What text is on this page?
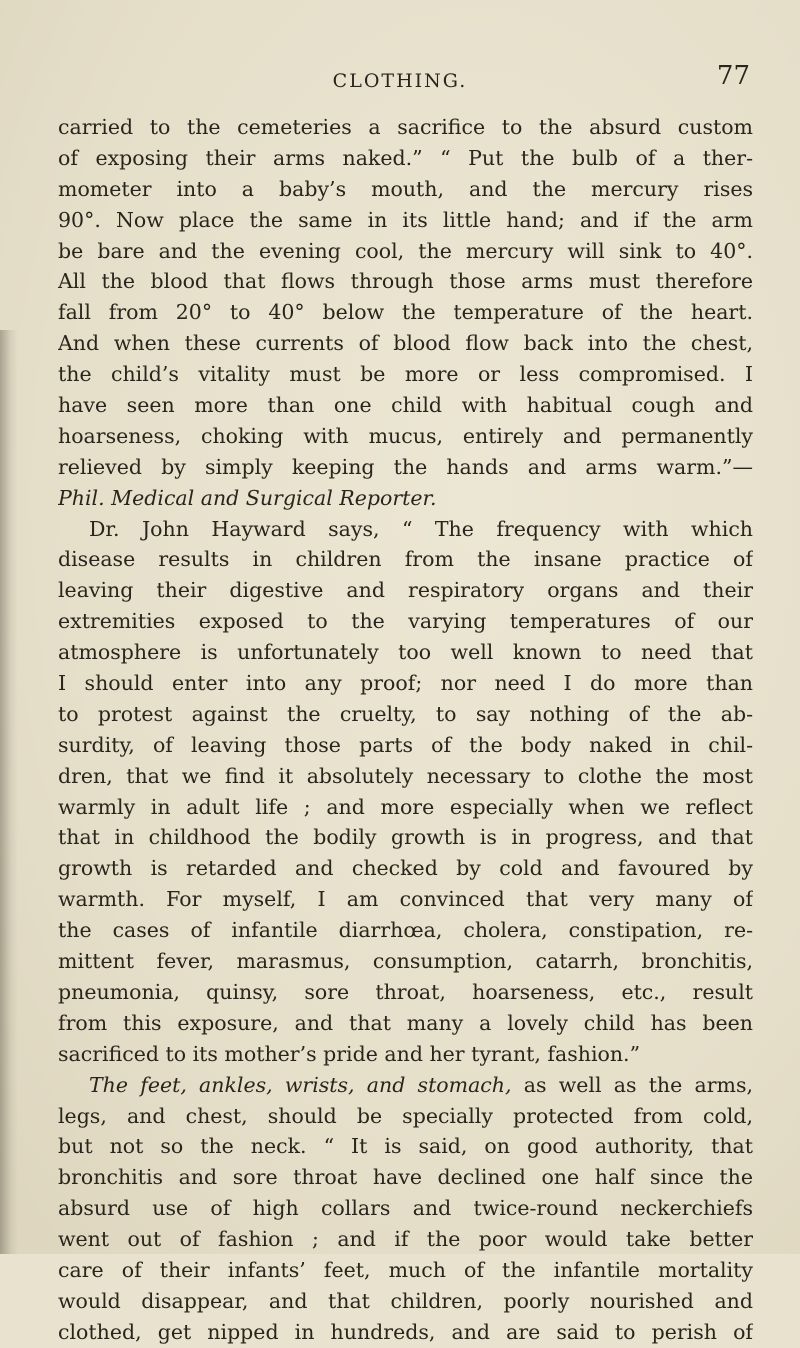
CLOTHING.	77
carried to the cemeteries a sacrifice to the absurd custom
of exposing their arms naked.” “ Put the bulb of a ther-
mometer into a baby’s mouth, and the mercury rises
90°. Now place the same in its little hand; and if the arm
be bare and the evening cool, the mercury will sink to 40°.
All the blood that flows through those arms must therefore
fall from 20° to 40° below the temperature of the heart.
And when these currents of blood flow back into the chest,
the child’s vitality must be more or less compromised. I
have seen more than one child with habitual cough and
hoarseness, choking with mucus, entirely and permanently
relieved by simply keeping the hands and arms warm.”—
Phil. Medical and Surgical Reporter.
Dr. John Hayward says, “ The frequency with which
disease results in children from the insane practice of
leaving their digestive and respiratory organs and their
extremities exposed to the varying temperatures of our
atmosphere is unfortunately too well known to need that
I should enter into any proof; nor need I do more than
to protest against the cruelty, to say nothing of the ab-
surdity, of leaving those parts of the body naked in chil-
dren, that we find it absolutely necessary to clothe the most
warmly in adult life ; and more especially when we reflect
that in childhood the bodily growth is in progress, and that
growth is retarded and checked by cold and favoured by
warmth. For myself, I am convinced that very many of
the cases of infantile diarrhœa, cholera, constipation, re-
mittent fever, marasmus, consumption, catarrh, bronchitis,
pneumonia, quinsy, sore throat, hoarseness, etc., result
from this exposure, and that many a lovely child has been
sacrificed to its mother’s pride and her tyrant, fashion.”
The feet, ankles, wrists, and stomach, as well as the arms,
legs, and chest, should be specially protected from cold,
but not so the neck. “ It is said, on good authority, that
bronchitis and sore throat have declined one half since the
absurd use of high collars and twice-round neckerchiefs
went out of fashion ; and if the poor would take better
care of their infants’ feet, much of the infantile mortality
would disappear, and that children, poorly nourished and
clothed, get nipped in hundreds, and are said to perish of
